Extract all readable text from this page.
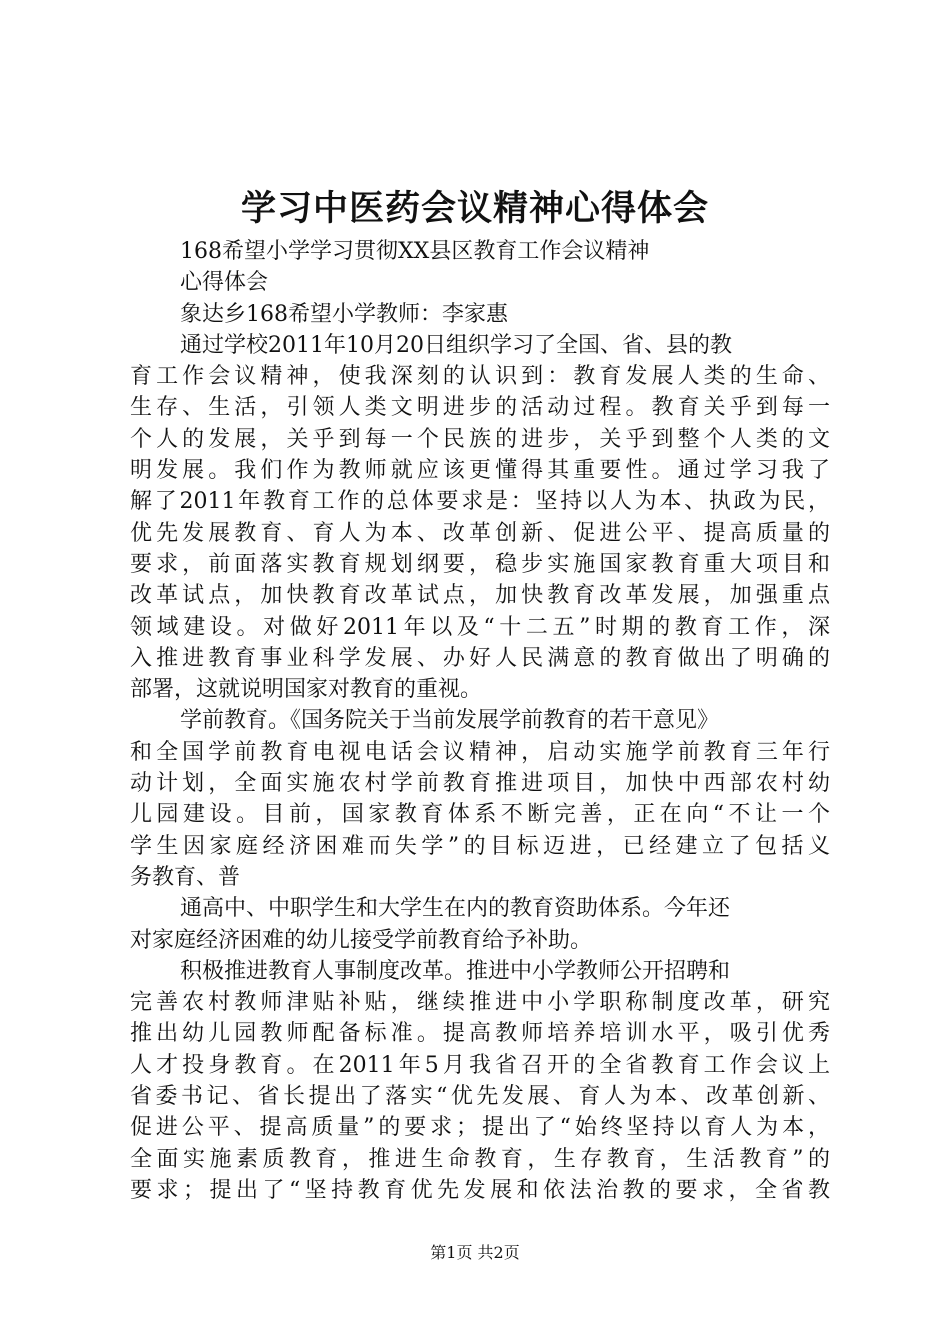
学习中医药会议精神心得体会
168希望小学学习贯彻XX县区教育工作会议精神
心得体会
象达乡168希望小学教师：李家惠
通过学校2011年10月20日组织学习了全国、省、县的教
育工作会议精神，使我深刻的认识到：教育发展人类的生命、
生存、生活，引领人类文明进步的活动过程。教育关乎到每一
个人的发展，关乎到每一个民族的进步，关乎到整个人类的文
明发展。我们作为教师就应该更懂得其重要性。通过学习我了
解了2011年教育工作的总体要求是：坚持以人为本、执政为民，
优先发展教育、育人为本、改革创新、促进公平、提高质量的
要求，前面落实教育规划纲要，稳步实施国家教育重大项目和
改革试点，加快教育改革试点，加快教育改革发展，加强重点
领域建设。对做好2011年以及“十二五”时期的教育工作，深
入推进教育事业科学发展、办好人民满意的教育做出了明确的
部署，这就说明国家对教育的重视。
学前教育。《国务院关于当前发展学前教育的若干意见》
和全国学前教育电视电话会议精神，启动实施学前教育三年行
动计划，全面实施农村学前教育推进项目，加快中西部农村幼
儿园建设。目前，国家教育体系不断完善，正在向“不让一个
学生因家庭经济困难而失学”的目标迈进，已经建立了包括义
务教育、普
通高中、中职学生和大学生在内的教育资助体系。今年还
对家庭经济困难的幼儿接受学前教育给予补助。
积极推进教育人事制度改革。推进中小学教师公开招聘和
完善农村教师津贴补贴，继续推进中小学职称制度改革，研究
推出幼儿园教师配备标准。提高教师培养培训水平，吸引优秀
人才投身教育。在2011年5月我省召开的全省教育工作会议上
省委书记、省长提出了落实“优先发展、育人为本、改革创新、
促进公平、提高质量”的要求；提出了“始终坚持以育人为本，
全面实施素质教育，推进生命教育，生存教育，生活教育”的
要求；提出了“坚持教育优先发展和依法治教的要求，全省教
第1页 共2页
